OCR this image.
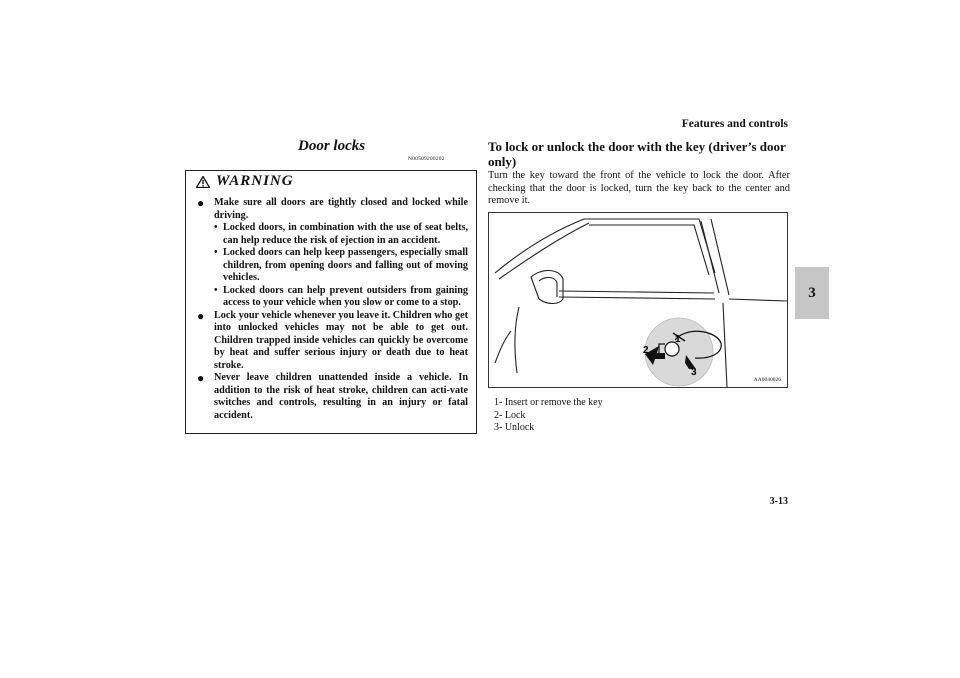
Features and controls
3
Door locks
N00509200202
WARNING
● Make sure all doors are tightly closed and locked while driving.
• Locked doors, in combination with the use of seat belts, can help reduce the risk of ejection in an accident.
• Locked doors can help keep passengers, especially small children, from opening doors and falling out of moving vehicles.
• Locked doors can help prevent outsiders from gaining access to your vehicle when you slow or come to a stop.
● Lock your vehicle whenever you leave it. Children who get into unlocked vehicles may not be able to get out. Children trapped inside vehicles can quickly be overcome by heat and suffer serious injury or death due to heat stroke.
● Never leave children unattended inside a vehicle. In addition to the risk of heat stroke, children can acti-vate switches and controls, resulting in an injury or fatal accident.
To lock or unlock the door with the key (driver’s door only)
Turn the key toward the front of the vehicle to lock the door. After checking that the door is locked, turn the key back to the center and remove it.
1
2
3
AA0040026
1- Insert or remove the key
2- Lock
3- Unlock
3-13
